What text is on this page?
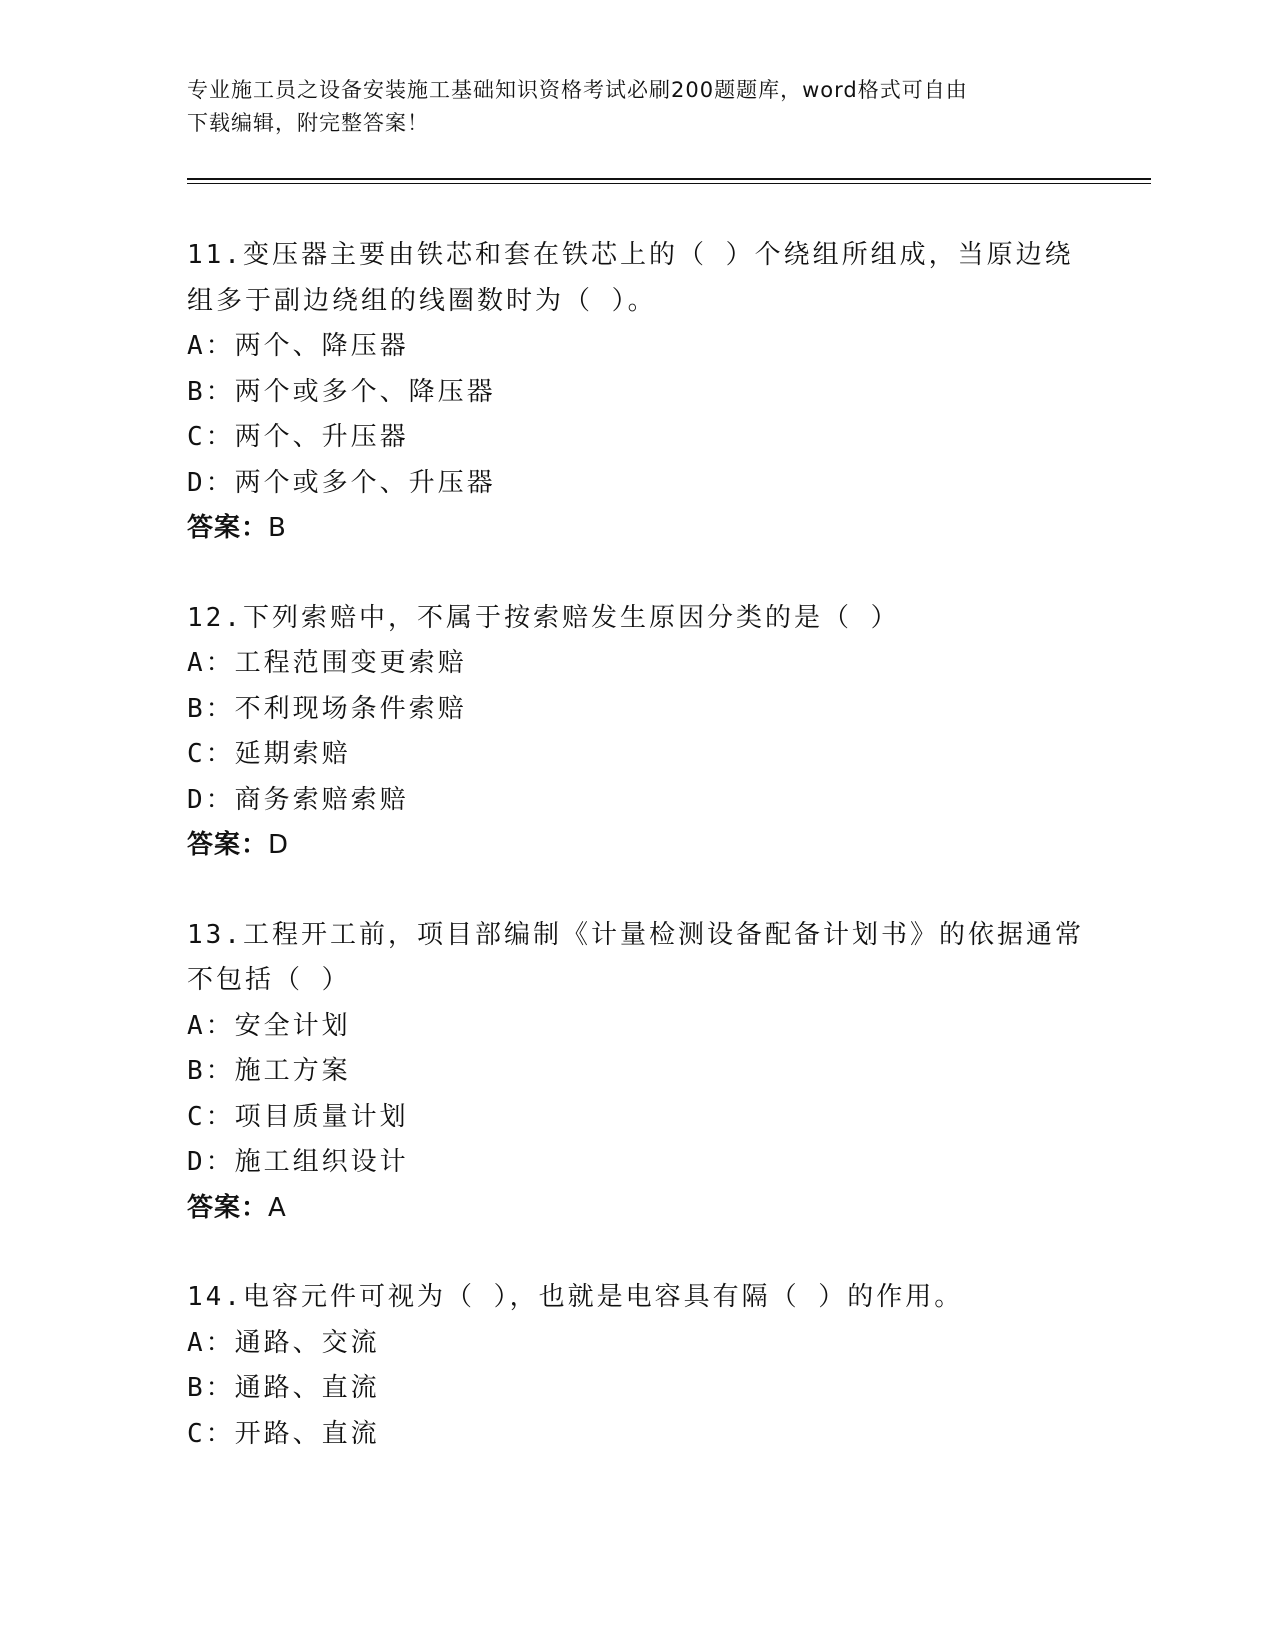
专业施工员之设备安装施工基础知识资格考试必刷200题题库，word格式可自由
下载编辑，附完整答案！
11.变压器主要由铁芯和套在铁芯上的（ ）个绕组所组成，当原边绕
组多于副边绕组的线圈数时为（ ）。
A：两个、降压器
B：两个或多个、降压器
C：两个、升压器
D：两个或多个、升压器
答案：B
12.下列索赔中，不属于按索赔发生原因分类的是（ ）
A：工程范围变更索赔
B：不利现场条件索赔
C：延期索赔
D：商务索赔索赔
答案：D
13.工程开工前，项目部编制《计量检测设备配备计划书》的依据通常
不包括（ ）
A：安全计划
B：施工方案
C：项目质量计划
D：施工组织设计
答案：A
14.电容元件可视为（ ），也就是电容具有隔（ ）的作用。
A：通路、交流
B：通路、直流
C：开路、直流
